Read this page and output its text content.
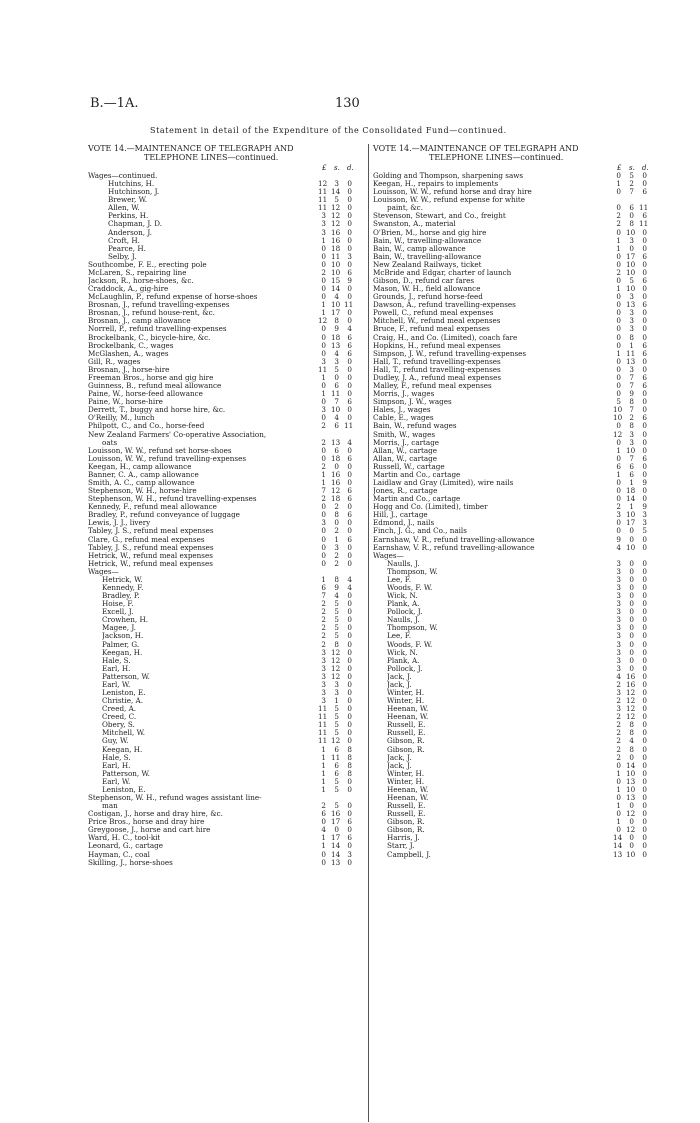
B.—1A.	130
Statement in detail of the Expenditure of the Consolidated Fund—continued.
VOTE 14.—MAINTENANCE OF TELEGRAPH AND
TELEPHONE LINES—continued.
£ s. d.
Wages—continued.
Hutchins, H.	12	3	0
Hutchinson, J.	11 14	0
Brewer, W.	11	5	0
Allen, W.	11 12	0
Perkins, H.	3 12	0
Chapman, J. D.	3 12	0
Anderson, J.	3 16	0
Croft, H.	1 16	0
Pearce, H.	0 18	0
Selby, J.	0 11	3
Southcombe, F. E., erecting pole	0 10	0
McLaren, S., repairing line	2 10	6
Jackson, R., horse-shoes, &c.	0 15	9
Craddock, A., gig-hire	0 14	0
McLaughlin, P., refund expense of horse-shoes	0	4	0
Brosnan, J., refund travelling-expenses	1 10 11
Brosnan, J., refund house-rent, &c.	1 17	0
Brosnan, J., camp allowance	12	8	0
Norrell, P., refund travelling-expenses	0	9	4
Brockelbank, C., bicycle-hire, &c.	0 18	6
Brockelbank, C., wages	0 13	6
McGlashen, A., wages	0	4	6
Gill, R., wages	3	3	0
Brosnan, J., horse-hire	11	5	0
Freeman Bros., horse and gig hire	1	0	0
Guinness, B., refund meal allowance	0	6	0
Paine, W., horse-feed allowance	1 11	0
Paine, W., horse-hire	0	7	6
Derrett, T., buggy and horse hire, &c.	3 10	0
O'Reilly, M., lunch	0	4	0
Philpott, C., and Co., horse-feed	2	6 11
New Zealand Farmers' Co-operative Association,
oats	2 13	4
Louisson, W. W., refund set horse-shoes	0	6	0
Louisson, W. W., refund travelling-expenses	0 18	6
Keegan, H., camp allowance	2	0	0
Banner, C. A., camp allowance	1 16	0
Smith, A. C., camp allowance	1 16	0
Stephenson, W. H., horse-hire	7 12	6
Stephenson, W. H., refund travelling-expenses	2 18	6
Kennedy, F., refund meal allowance	0	2	0
Bradley, P., refund conveyance of luggage	0	8	6
Lewis, J. J., livery	3	0	0
Tabley, J. S., refund meal expenses	0	2	0
Clare, G., refund meal expenses	0	1	6
Tabley, J. S., refund meal expenses	0	3	0
Hetrick, W., refund meal expenses	0	2	0
Hetrick, W., refund meal expenses	0	2	0
Wages—
Hetrick, W.	1	8	4
Kennedy, F.	6	9	4
Bradley, P.	7	4	0
Hoise, F.	2	5	0
Excell, J.	2	5	0
Crowhen, H.	2	5	0
Magee, J.	2	5	0
Jackson, H.	2	5	0
Palmer, G.	2	8	0
Keegan, H.	3 12	0
Hale, S.	3 12	0
Earl, H.	3 12	0
Patterson, W.	3 12	0
Earl, W.	3	3	0
Leniston, E.	3	3	0
Christie, A.	3	1	0
Creed, A.	11	5	0
Creed, C.	11	5	0
Obery, S.	11	5	0
Mitchell, W.	11	5	0
Guy, W.	11 12	0
Keegan, H.	1	6	8
Hale, S.	1 11	8
Earl, H.	1	6	8
Patterson, W.	1	6	8
Earl, W.	1	5	0
Leniston, E.	1	5	0
Stephenson, W. H., refund wages assistant line-
man	2	5	0
Costigan, J., horse and dray hire, &c.	6 16	0
Price Bros., horse and dray hire	0 17	6
Greygoose, J., horse and cart hire	4	0	0
Ward, H. C., tool-kit	1 17	6
Leonard, G., cartage	1 14	0
Hayman, C., coal	0 14	3
Skilling, J., horse-shoes	0 13	0
VOTE 14.—MAINTENANCE OF TELEGRAPH AND
TELEPHONE LINES—continued.
£ s. d.
Golding and Thompson, sharpening saws	0	5	0
Keegan, H., repairs to implements	1	2	0
Louisson, W. W., refund horse and dray hire	0	7	6
Louisson, W. W., refund expense for white
paint, &c.	0	6 11
Stevenson, Stewart, and Co., freight	2	0	6
Swanston, A., material	2	8 11
O'Brien, M., horse and gig hire	0 10	0
Bain, W., travelling-allowance	1	3	0
Bain, W., camp allowance	1	0	0
Bain, W., travelling-allowance	0 17	6
New Zealand Railways, ticket	0 10	0
McBride and Edgar, charter of launch	2 10	0
Gibson, D., refund car fares	0	5	6
Mason, W. H., field allowance	1 10	0
Grounds, J., refund horse-feed	0	3	0
Dawson, A., refund travelling-expenses	0 13	6
Powell, C., refund meal expenses	0	3	0
Mitchell, W., refund meal expenses	0	3	0
Bruce, F., refund meal expenses	0	3	0
Craig, H., and Co. (Limited), coach fare	0	8	0
Hopkins, H., refund meal expenses	0	1	6
Simpson, J. W., refund travelling-expenses	1 11	6
Hall, T., refund travelling-expenses	0 13	0
Hall, T., refund travelling-expenses	0	3	0
Dudley, J. A., refund meal expenses	0	7	6
Malley, F., refund meal expenses	0	7	6
Morris, J., wages	0	9	0
Simpson, J. W., wages	5	8	0
Hales, J., wages	10	7	0
Cable, E., wages	10	2	6
Bain, W., refund wages	0	8	0
Smith, W., wages	12	3	0
Morris, J., cartage	0	3	0
Allan, W., cartage	1 10	0
Allan, W., cartage	0	7	6
Russell, W., cartage	6	6	0
Martin and Co., cartage	1	6	0
Laidlaw and Gray (Limited), wire nails	0	1	9
Jones, R., cartage	0 18	0
Martin and Co., cartage	0 14	0
Hogg and Co. (Limited), timber	2	1	9
Hill, J., cartage	3 10	3
Edmond, J., nails	0 17	3
Finch, J. G., and Co., nails	0	0	5
Earnshaw, V. R., refund travelling-allowance	9	0	0
Earnshaw, V. R., refund travelling-allowance	4 10	0
Wages—
Naulls, J.	3	0	0
Thompson, W.	3	0	0
Lee, F.	3	0	0
Woods, F. W.	3	0	0
Wick, N.	3	0	0
Plank, A.	3	0	0
Pollock, J.	3	0	0
Naulls, J.	3	0	0
Thompson, W.	3	0	0
Lee, F.	3	0	0
Woods, F. W.	3	0	0
Wick, N.	3	0	0
Plank, A.	3	0	0
Pollock, J.	3	0	0
Jack, J.	4 16	0
Jack, J.	2 16	0
Winter, H.	3 12	0
Winter, H.	2 12	0
Heenan, W.	3 12	0
Heenan, W.	2 12	0
Russell, E.	2	8	0
Russell, E.	2	8	0
Gibson, R.	2	4	0
Gibson, R.	2	8	0
Jack, J.	2	0	0
Jack, J.	0 14	0
Winter, H.	1 10	0
Winter, H.	0 13	0
Heenan, W.	1 10	0
Heenan, W.	0 13	0
Russell, E.	1	0	0
Russell, E.	0 12	0
Gibson, R.	1	0	0
Gibson, R.	0 12	0
Harris, J.	14	0	0
Starr, J.	14	0	0
Campbell, J.	13 10	0
